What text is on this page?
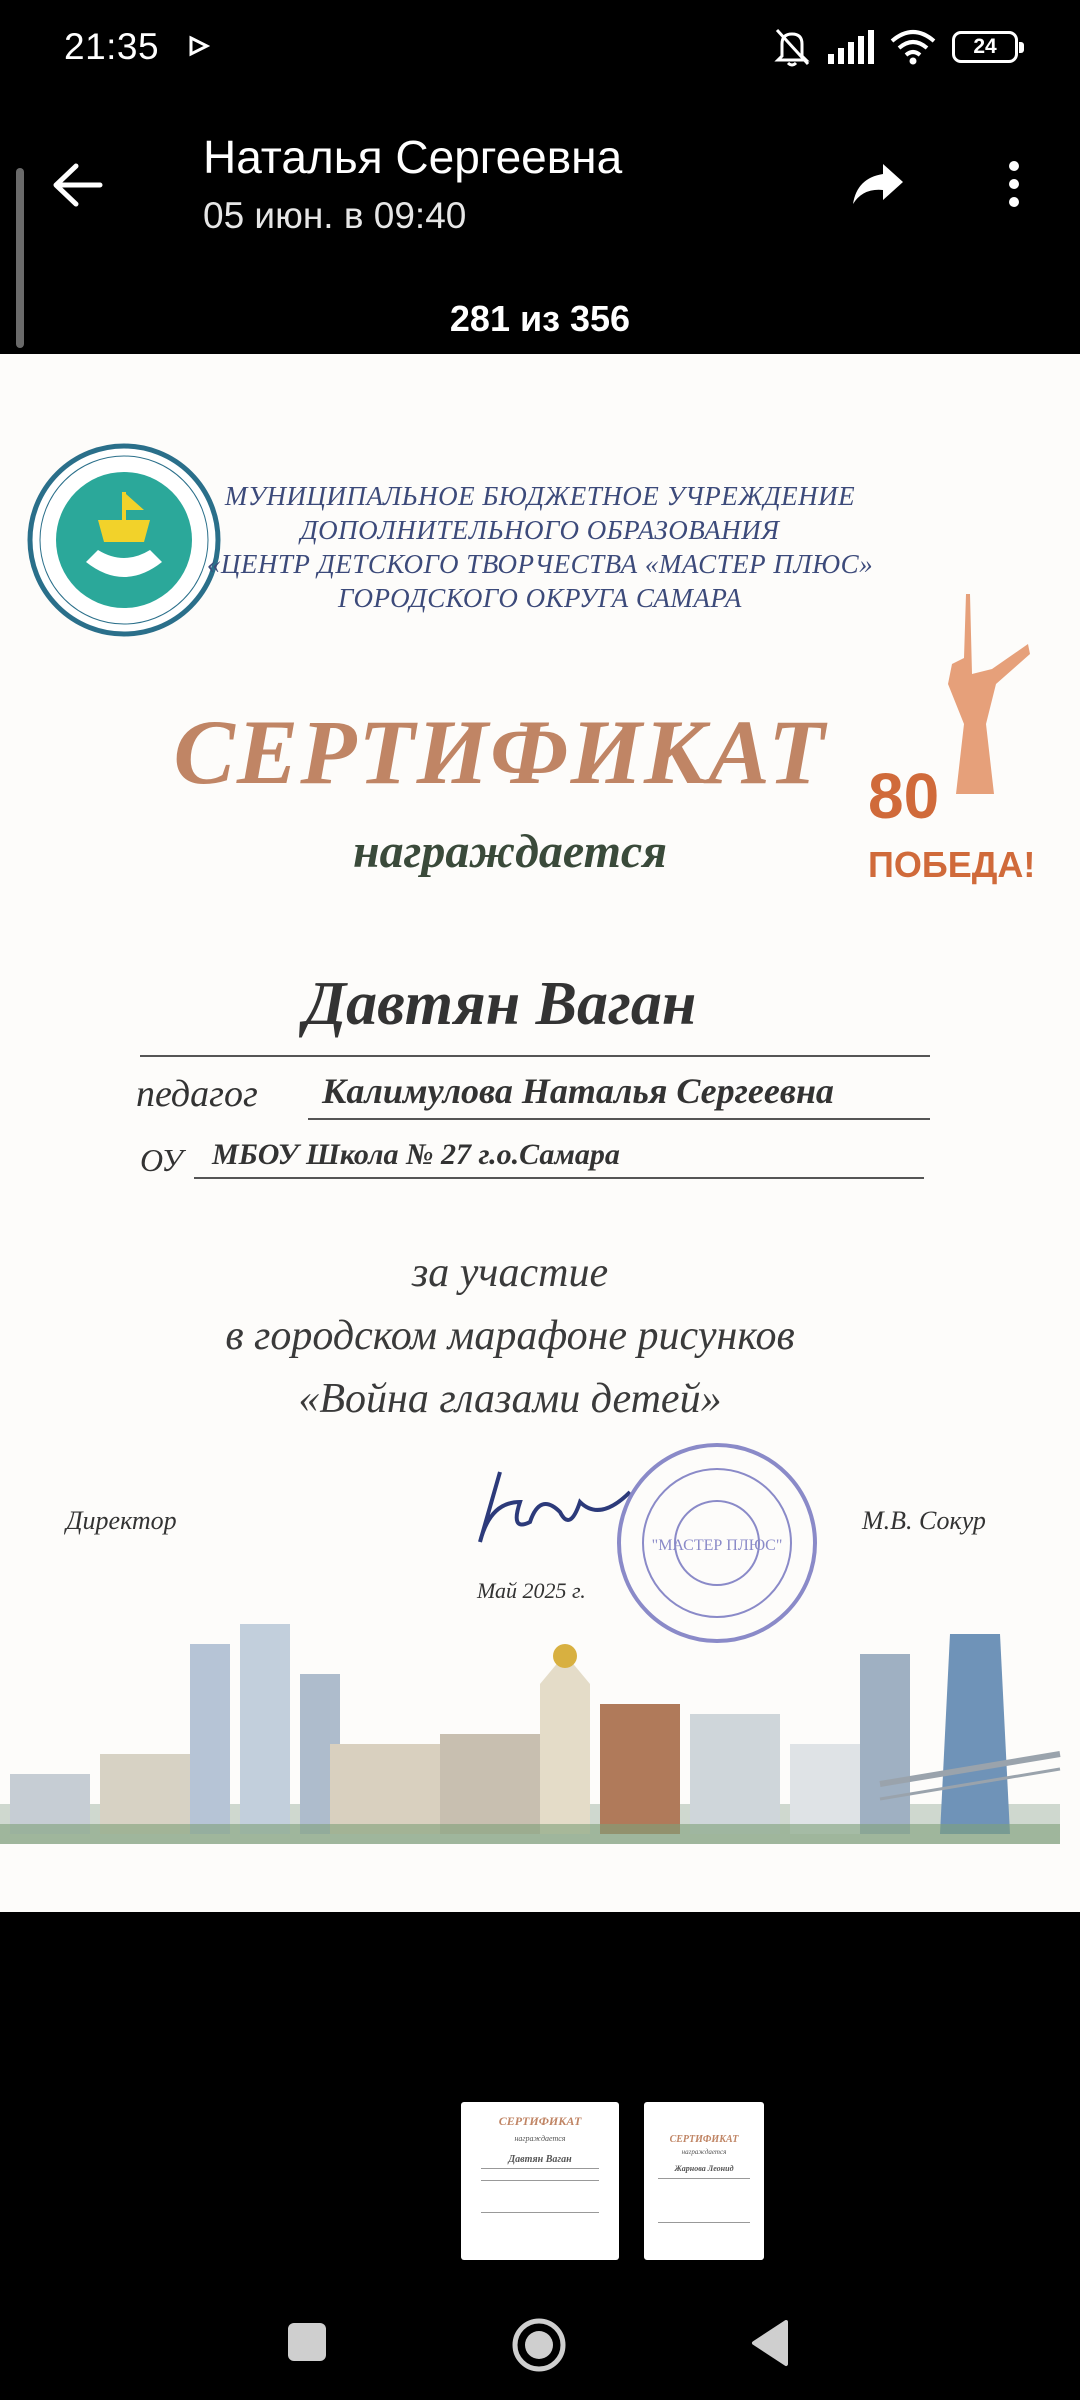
21:35	24
Наталья Сергеевна
05 июн. в 09:40
281 из 356
МУНИЦИПАЛЬНОЕ БЮДЖЕТНОЕ УЧРЕЖДЕНИЕ
ДОПОЛНИТЕЛЬНОГО ОБРАЗОВАНИЯ
«ЦЕНТР ДЕТСКОГО ТВОРЧЕСТВА «МАСТЕР ПЛЮС»
ГОРОДСКОГО ОКРУГА САМАРА
80
ПОБЕДА!
СЕРТИФИКАТ
награждается
Давтян Ваган
педагог Калимулова Наталья Сергеевна
ОУ МБОУ Школа № 27 г.о.Самара
за участие
в городском марафоне рисунков
«Война глазами детей»
Директор
"МАСТЕР ПЛЮС"
М.В. Сокур
Май 2025 г.
СЕРТИФИКАТ
награждается
Давтян Ваган
СЕРТИФИКАТ
награждается
Жарнова Леонид
